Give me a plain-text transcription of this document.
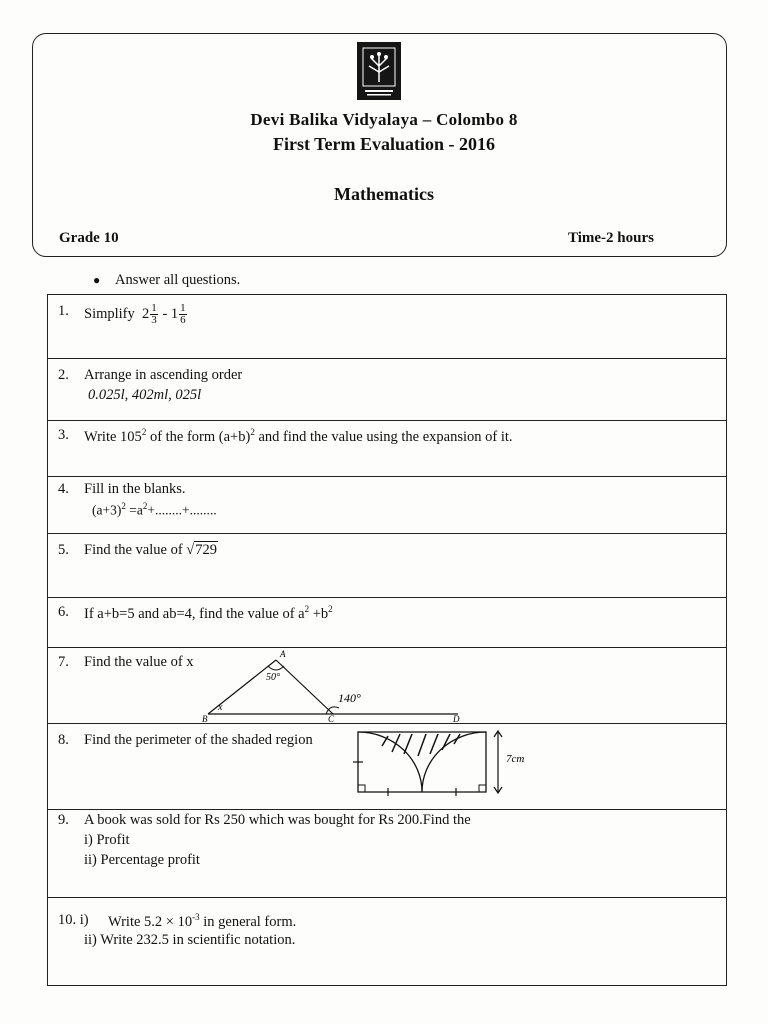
Devi Balika Vidyalaya – Colombo 8
First Term Evaluation - 2016
Mathematics
Grade 10	Time-2 hours
● Answer all questions.
1. Simplify $2 \frac{1}{3} - 1 \frac{1}{6}$
2. Arrange in ascending order
0.025l, 402ml, 025l
3. Write $105^2$ of the form $(a+b)^2$ and find the value using the expansion of it.
4. Fill in the blanks.
$(a+3)^2 =a^2+........+$........
5. Find the value of √729
6. If a+b=5 and ab=4, find the value of $a^2 +b^2$
7. Find the value of x	A
B	C	D
50°
140°
x
8. Find the perimeter of the shaded region
7cm
9. A book was sold for Rs 250 which was bought for Rs 200.Find the
i) Profit
ii) Percentage profit
10. i) Write $5.2 \times 10^{-3}$ in general form.
ii) Write 232.5 in scientific notation.
